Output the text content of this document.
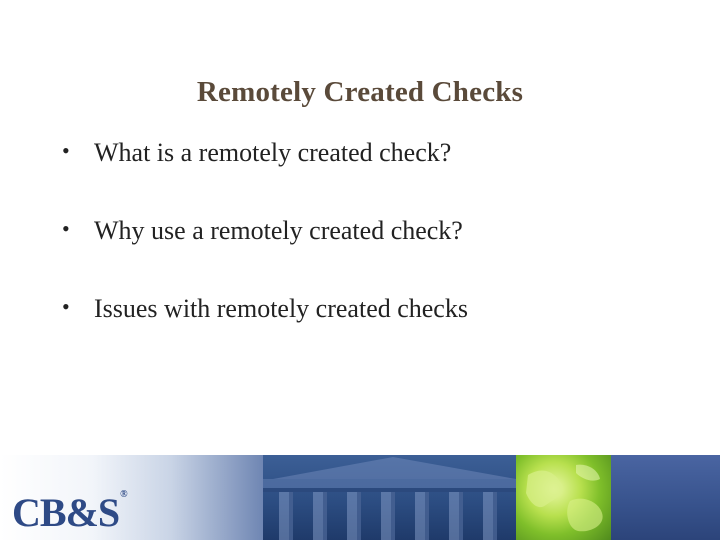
Remotely Created Checks
• What is a remotely created check?
• Why use a remotely created check?
• Issues with remotely created checks
CB&S®
